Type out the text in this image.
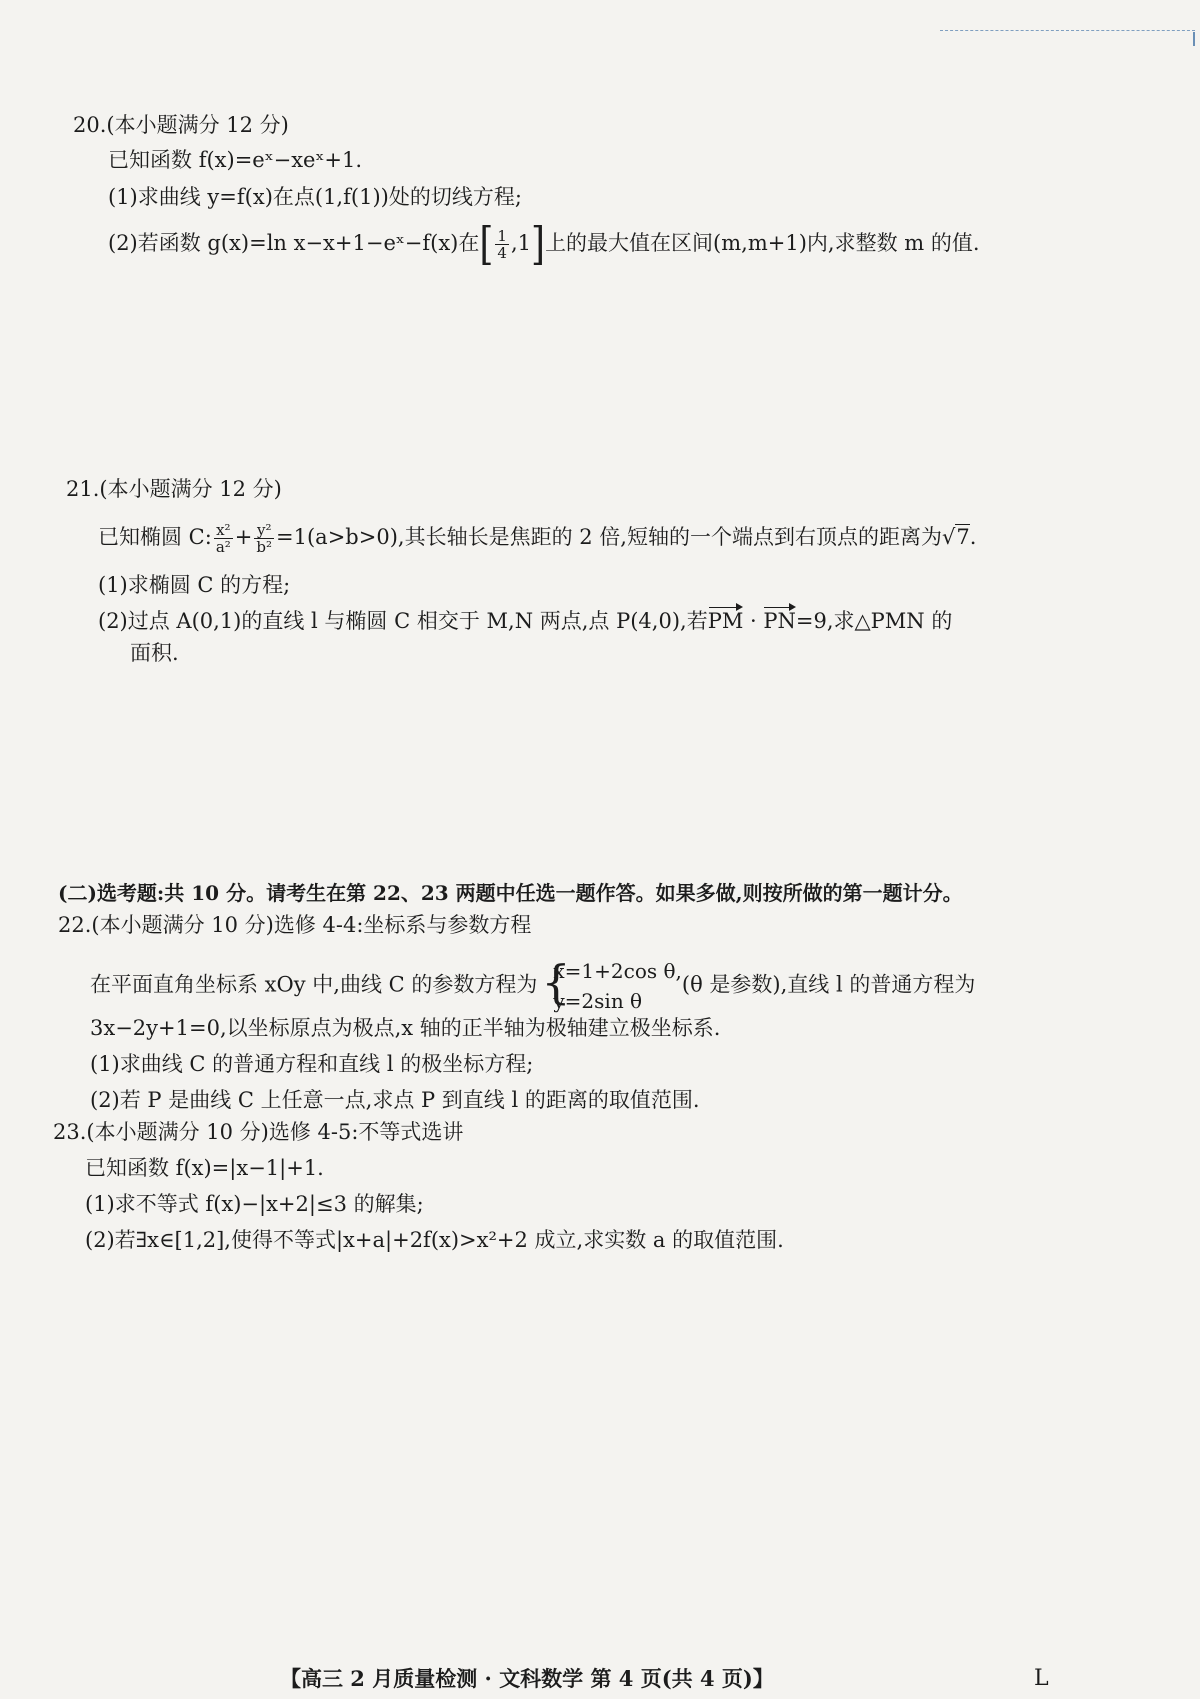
20.(本小题满分 12 分)
已知函数 f(x)=eˣ−xeˣ+1.
(1)求曲线 y=f(x)在点(1,f(1))处的切线方程;
(2)若函数 g(x)=ln x−x+1−eˣ−f(x)在[ $\frac{1}{4} ,1$]上的最大值在区间(m,m+1)内,求整数 m 的值.
21.(本小题满分 12 分)
已知椭圆 C: $\frac{\text{x²}}{\text{a²}} + \frac{\text{y²}}{\text{b²}} =1(a>b>0)$,其长轴长是焦距的 2 倍,短轴的一个端点到右顶点的距离为√7.
(1)求椭圆 C 的方程;
(2)过点 A(0,1)的直线 l 与椭圆 C 相交于 M,N 两点,点 P(4,0),若PM · PN=9,求△PMN 的
面积.
(二)选考题:共 10 分。请考生在第 22、23 两题中任选一题作答。如果多做,则按所做的第一题计分。
22.(本小题满分 10 分)选修 4-4:坐标系与参数方程
在平面直角坐标系 xOy 中,曲线 C 的参数方程为 {
x=1+2cos θ,
y=2sin θ
(θ 是参数),直线 l 的普通方程为
3x−2y+1=0,以坐标原点为极点,x 轴的正半轴为极轴建立极坐标系.
(1)求曲线 C 的普通方程和直线 l 的极坐标方程;
(2)若 P 是曲线 C 上任意一点,求点 P 到直线 l 的距离的取值范围.
23.(本小题满分 10 分)选修 4-5:不等式选讲
已知函数 f(x)=|x−1|+1.
(1)求不等式 f(x)−|x+2|≤3 的解集;
(2)若∃x∈[1,2],使得不等式|x+a|+2f(x)>x²+2 成立,求实数 a 的取值范围.
【高三 2 月质量检测 · 文科数学 第 4 页(共 4 页)】	L
